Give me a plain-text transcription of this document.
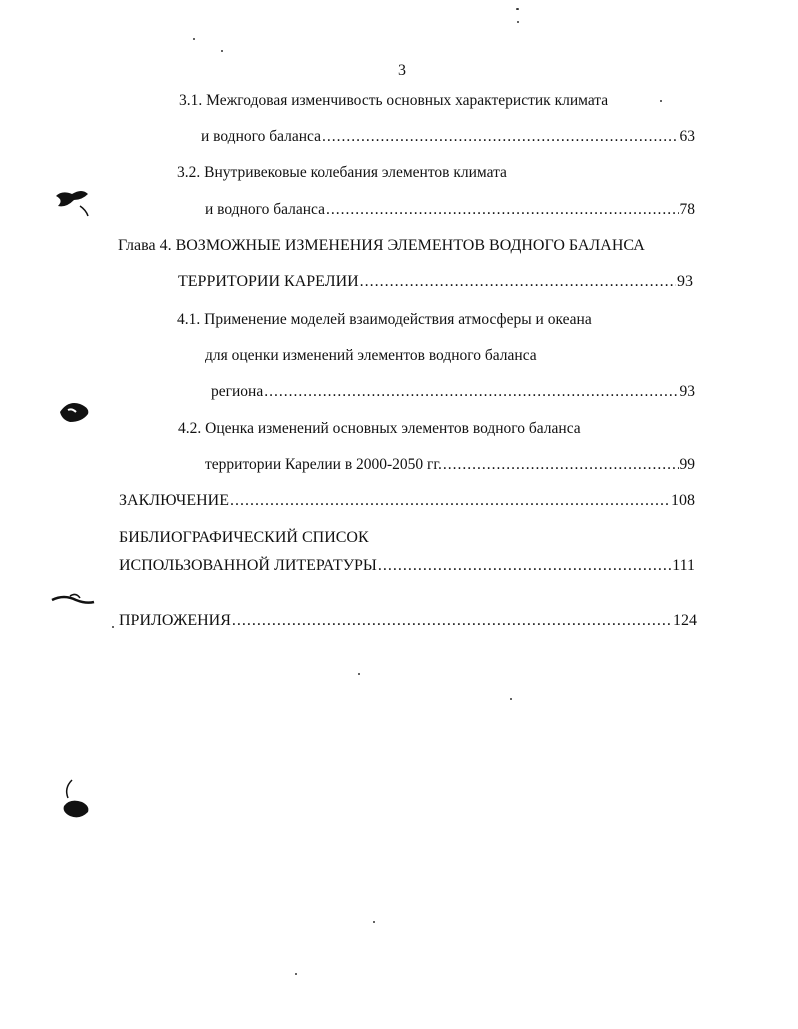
3
3.1. Межгодовая изменчивость основных характеристик климата
и водного баланса .....	63
3.2. Внутривековые колебания элементов климата
и водного баланса .....	78
Глава 4. ВОЗМОЖНЫЕ ИЗМЕНЕНИЯ ЭЛЕМЕНТОВ ВОДНОГО БАЛАНСА
ТЕРРИТОРИИ КАРЕЛИИ .....	93
4.1. Применение моделей взаимодействия атмосферы и океана
для оценки изменений элементов водного баланса
региона .....	93
4.2. Оценка изменений основных элементов водного баланса
территории Карелии в 2000-2050 гг. .....	99
ЗАКЛЮЧЕНИЕ .....	108
БИБЛИОГРАФИЧЕСКИЙ СПИСОК
ИСПОЛЬЗОВАННОЙ ЛИТЕРАТУРЫ .....	111
ПРИЛОЖЕНИЯ .....	124
